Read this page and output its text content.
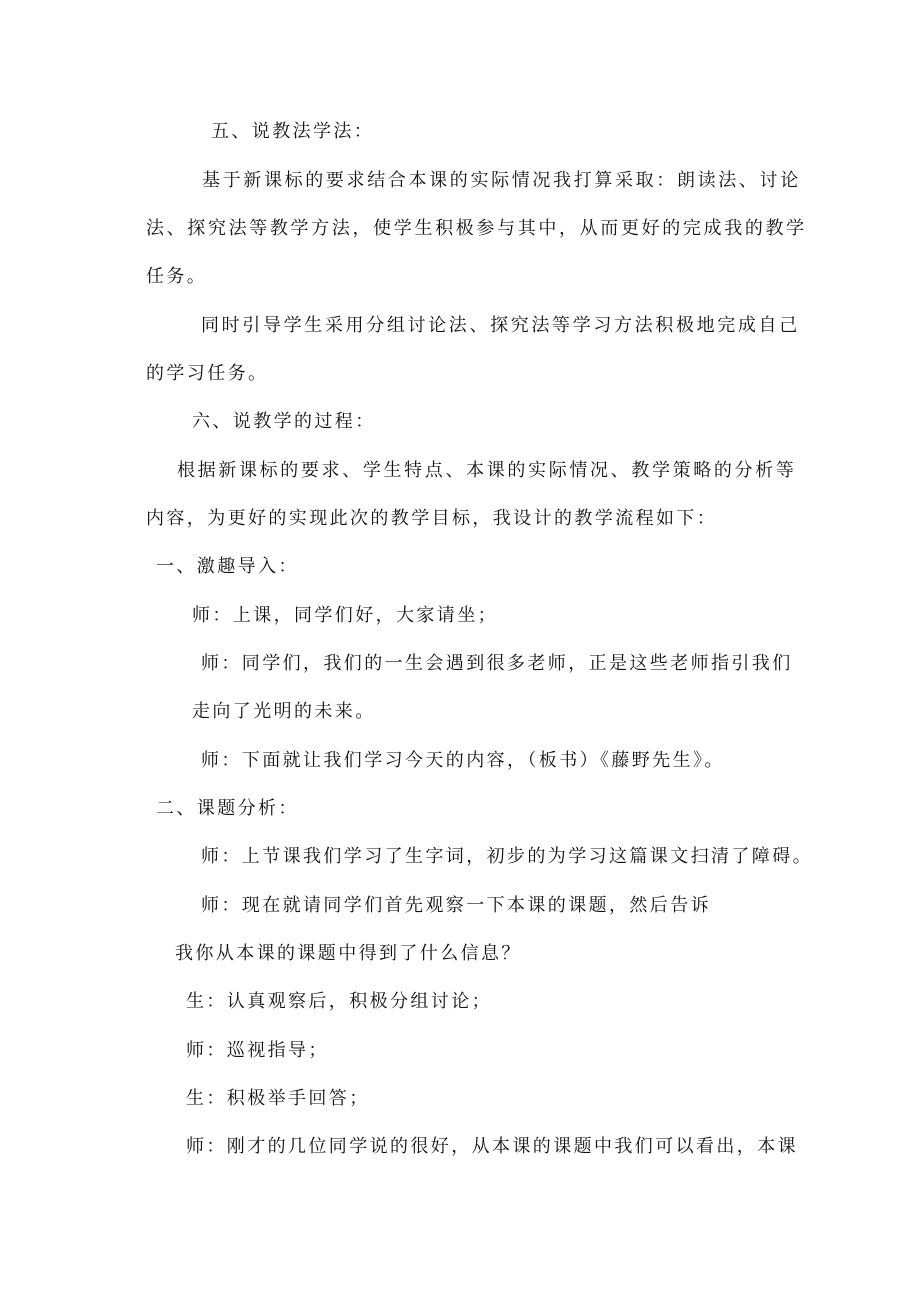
五、说教法学法：
基于新课标的要求结合本课的实际情况我打算采取：朗读法、讨论
法、探究法等教学方法，使学生积极参与其中，从而更好的完成我的教学
任务。
同时引导学生采用分组讨论法、探究法等学习方法积极地完成自己
的学习任务。
六、说教学的过程：
根据新课标的要求、学生特点、本课的实际情况、教学策略的分析等
内容，为更好的实现此次的教学目标，我设计的教学流程如下：
一、激趣导入：
师：上课，同学们好，大家请坐；
师：同学们，我们的一生会遇到很多老师，正是这些老师指引我们
走向了光明的未来。
师：下面就让我们学习今天的内容，（板书）《藤野先生》。
二、课题分析：
师：上节课我们学习了生字词，初步的为学习这篇课文扫清了障碍。
师：现在就请同学们首先观察一下本课的课题，然后告诉
我你从本课的课题中得到了什么信息？
生：认真观察后，积极分组讨论；
师：巡视指导；
生：积极举手回答；
师：刚才的几位同学说的很好，从本课的课题中我们可以看出，本课
